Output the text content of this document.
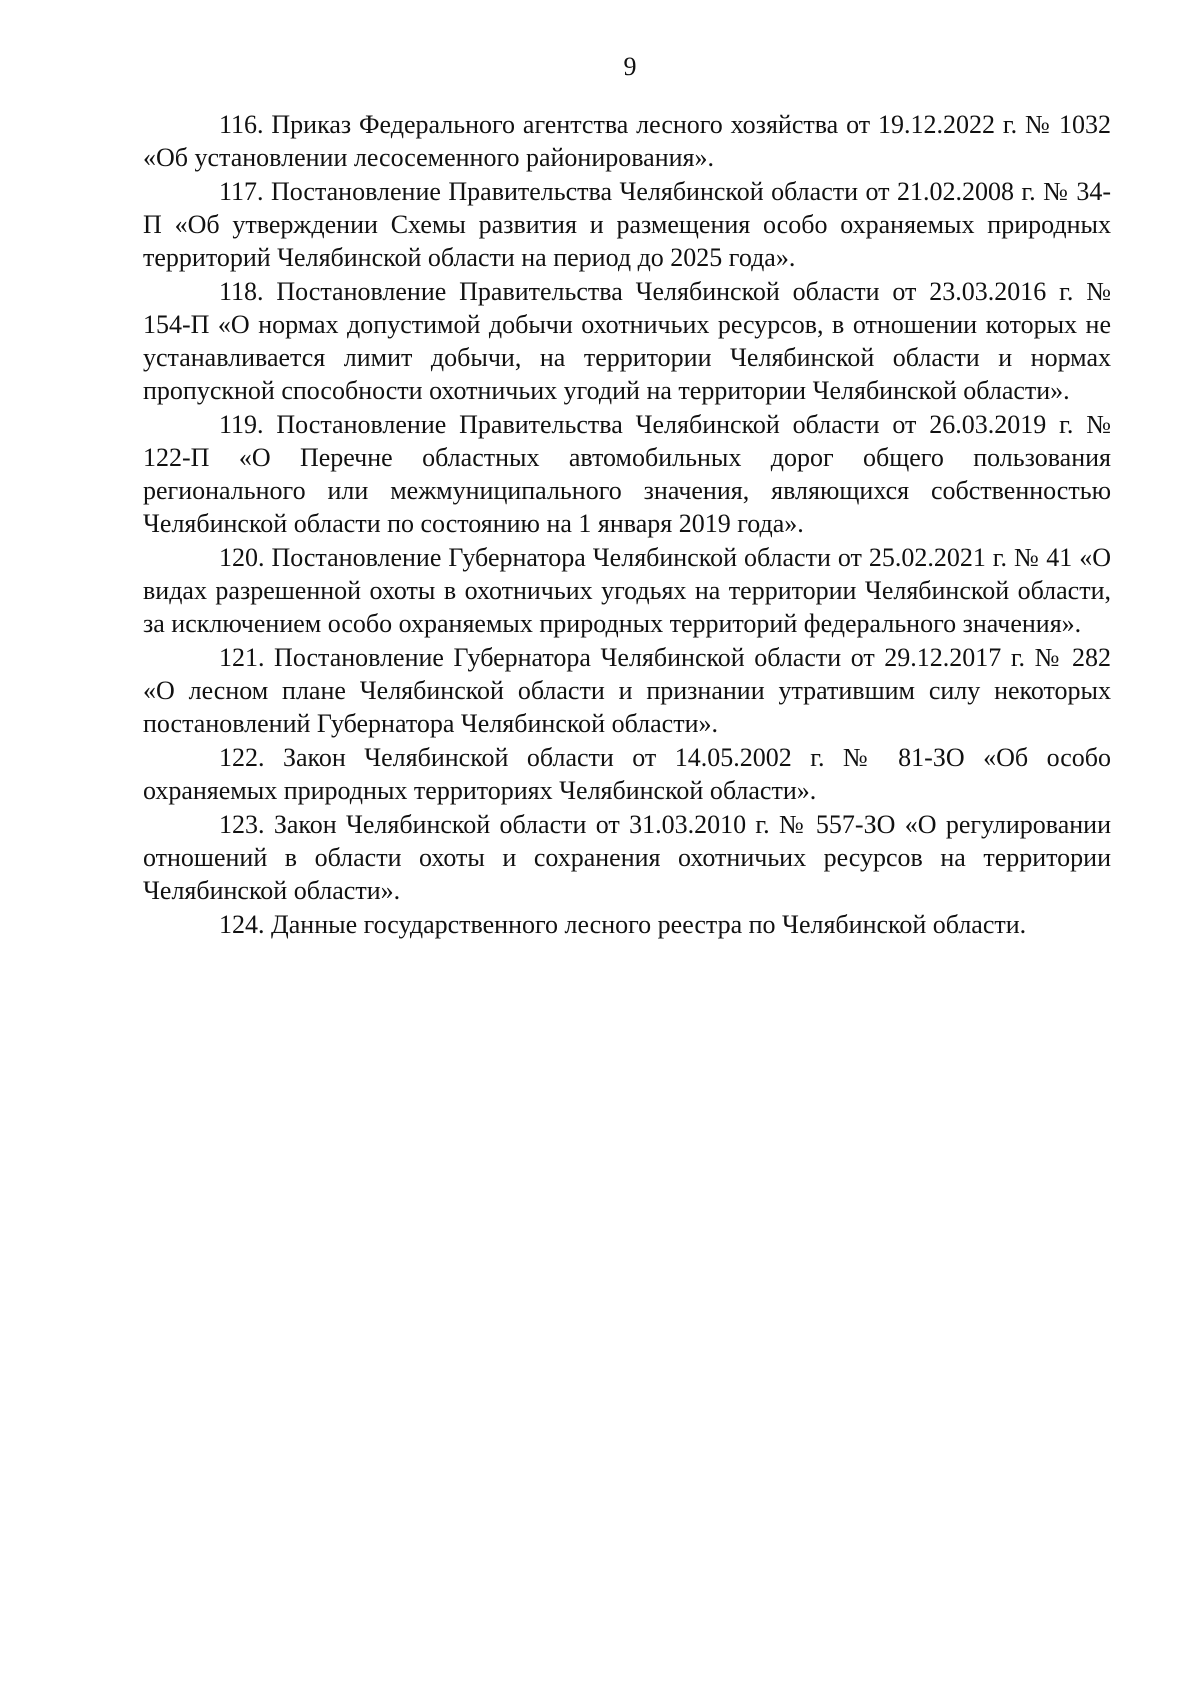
9

116. Приказ Федерального агентства лесного хозяйства от 19.12.2022 г. № 1032 «Об установлении лесосеменного районирования».

117. Постановление Правительства Челябинской области от 21.02.2008 г. № 34-П «Об утверждении Схемы развития и размещения особо охраняемых природных территорий Челябинской области на период до 2025 года».

118. Постановление Правительства Челябинской области от 23.03.2016 г. № 154-П «О нормах допустимой добычи охотничьих ресурсов, в отношении которых не устанавливается лимит добычи, на территории Челябинской области и нормах пропускной способности охотничьих угодий на территории Челябинской области».

119. Постановление Правительства Челябинской области от 26.03.2019 г. № 122-П «О Перечне областных автомобильных дорог общего пользования регионального или межмуниципального значения, являющихся собственностью Челябинской области по состоянию на 1 января 2019 года».

120. Постановление Губернатора Челябинской области от 25.02.2021 г. № 41 «О видах разрешенной охоты в охотничьих угодьях на территории Челябинской области, за исключением особо охраняемых природных территорий федерального значения».

121. Постановление Губернатора Челябинской области от 29.12.2017 г. № 282 «О лесном плане Челябинской области и признании утратившим силу некоторых постановлений Губернатора Челябинской области».

122. Закон Челябинской области от 14.05.2002 г. № 81-ЗО «Об особо охраняемых природных территориях Челябинской области».

123. Закон Челябинской области от 31.03.2010 г. № 557-ЗО «О регулировании отношений в области охоты и сохранения охотничьих ресурсов на территории Челябинской области».

124. Данные государственного лесного реестра по Челябинской области.
